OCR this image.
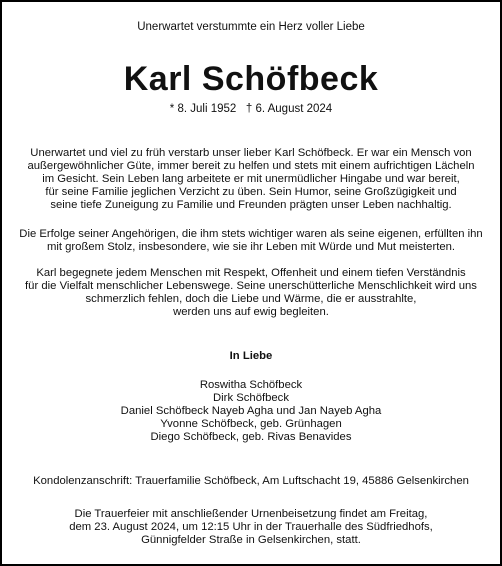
Unerwartet verstummte ein Herz voller Liebe
Karl Schöfbeck
* 8. Juli 1952   † 6. August 2024
Unerwartet und viel zu früh verstarb unser lieber Karl Schöfbeck. Er war ein Mensch von
außergewöhnlicher Güte, immer bereit zu helfen und stets mit einem aufrichtigen Lächeln
im Gesicht. Sein Leben lang arbeitete er mit unermüdlicher Hingabe und war bereit,
für seine Familie jeglichen Verzicht zu üben. Sein Humor, seine Großzügigkeit und
seine tiefe Zuneigung zu Familie und Freunden prägten unser Leben nachhaltig.
Die Erfolge seiner Angehörigen, die ihm stets wichtiger waren als seine eigenen, erfüllten ihn
mit großem Stolz, insbesondere, wie sie ihr Leben mit Würde und Mut meisterten.
Karl begegnete jedem Menschen mit Respekt, Offenheit und einem tiefen Verständnis
für die Vielfalt menschlicher Lebenswege. Seine unerschütterliche Menschlichkeit wird uns
schmerzlich fehlen, doch die Liebe und Wärme, die er ausstrahlte,
werden uns auf ewig begleiten.
In Liebe
Roswitha Schöfbeck
Dirk Schöfbeck
Daniel Schöfbeck Nayeb Agha und Jan Nayeb Agha
Yvonne Schöfbeck, geb. Grünhagen
Diego Schöfbeck, geb. Rivas Benavides
Kondolenzanschrift: Trauerfamilie Schöfbeck, Am Luftschacht 19, 45886 Gelsenkirchen
Die Trauerfeier mit anschließender Urnenbeisetzung findet am Freitag,
dem 23. August 2024, um 12:15 Uhr in der Trauerhalle des Südfriedhofs,
Günnigfelder Straße in Gelsenkirchen, statt.
